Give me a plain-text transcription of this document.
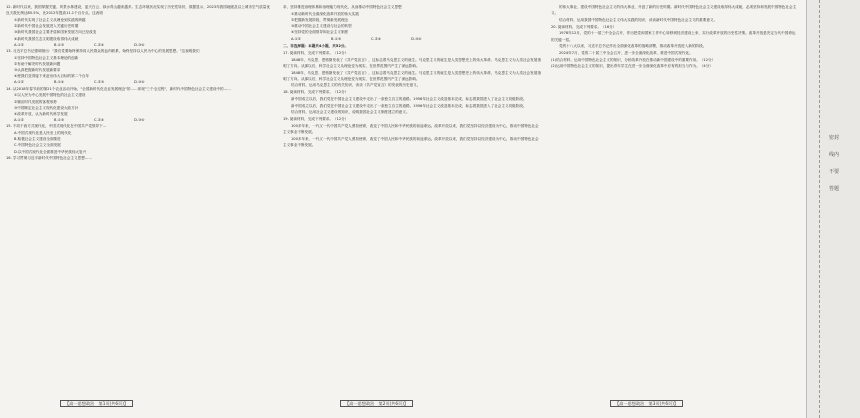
12. 新时代以来，我国掌握关键、风景水林建设，蓝天白云、绿水青山越来越多。生态环境状况实现了历史性转折，数据显示，2023年我国地级及以上城市空气质量优良天数比例达85.5%，比2012年提高11.1个百分点。这表明
①新时代实现了社会主义从理论到实践的跨越
②新时代中国社会发展进入关键历史时期
③新时代我国社会主要矛盾和国家发展方向已经改变
④新时代我国生态文明建设取得伟大成就
A.①②	B.①③	C.②④	D.③④
13. 习近平总书记强调指出："我们党要始终保持同人民群众的血肉联系，始终坚持以人民为中心的发展思想。"这表明我们
①坚持中国特色社会主义基本理论的创新
②有助于解决时代发展新问题
③认真把握新时代发展新要求
④使我们变得接下来赶出伟大目标的第二个百年
A.①②	B.①④	C.②③	D.③④
14. 从2018年春节前的第21个农业活动开始，"全国新时代化农业发展理念"的……体现"三个全过程"，新时代中国特色社会主义建设中的……
①以人民为中心发展中国特色的社会主义建设
②顺应时代发展的客观形势
③中国制定社会主义现代化建设大政方针
④改革开放，认为新时代科学发展
A.①②	B.①③	C.②④	D.③④
15. 不同于西方式现代化，中国式现代化在中国共产党领导下…
A.中国式现代化是人民至上的现代化
B.积极社会主义建设全面推进
C.中国特色社会主义全面发展
D.以中国式现代化全面推进中华民族伟大复兴
16. 学习贯彻习近平新时代中国特色社会主义思想……
求、坚持推进治理体系和治理能力现代化，从而推动中国特色社会主义思想
①推动新时代全面深化改革开放的伟大实践
②把握新发展阶段，贯彻新发展理念
③推动中国社会主义建设与社会的转型
④坚持党的全面领导和社会主义制度
A.①②	B.①③	C.②④	D.③④
二、非选择题：本题共4小题，共52分。
17. 阅读材料，完成下列要求。（12分）
1848年，马克思、恩格斯发表了《共产党宣言》，这标志着马克思主义的诞生。马克思主义的诞生是人类思想史上的伟大革命，马克思主义为人类社会发展指明了方向。从那以后，科学社会主义从理论变为现实，在世界范围内产生了深远影响。
1848年，马克思、恩格斯发表了《共产党宣言》，这标志着马克思主义的诞生。马克思主义的诞生是人类思想史上的伟大革命，马克思主义为人类社会发展指明了方向。从那以后，科学社会主义从理论变为现实，在世界范围内产生了深远影响。
结合材料，运用马克思主义的有关知识，谈谈《共产党宣言》的发表的历史意义。
18. 阅读材料，完成下列要求。（12分）
新中国成立以后，我们党在中国社会主义建设中走出了一条独立自主的道路。1956年社会主义改造基本完成，标志着我国进入了社会主义初级阶段。
新中国成立以后，我们党在中国社会主义建设中走出了一条独立自主的道路。1956年社会主义改造基本完成，标志着我国进入了社会主义初级阶段。
结合材料，运用社会主义建设的知识，说明我国社会主义制度建立的意义。
19. 阅读材料，完成下列要求。（12分）
100多年来，一代又一代中国共产党人勇担使命，改变了中国人民和中华民族的前途命运。改革开放以来，我们党坚持以经济建设为中心，推动中国特色社会主义事业不断发展。
100多年来，一代又一代中国共产党人勇担使命，改变了中国人民和中华民族的前途命运。改革开放以来，我们党坚持以经济建设为中心，推动中国特色社会主义事业不断发展。
的伟大事业，建设中国特色社会主义的伟大事业，开创了新的历史时期。新时代中国特色社会主义建设取得伟大成就，必须坚持和发展中国特色社会主义。
结合材料，运用我国中国特色社会主义伟大实践的知识，谈谈新时代中国特色社会主义的重要意义。
20. 阅读材料，完成下列要求。（16分）
1978年12月，党的十一届三中全会召开，作出把党和国家工作中心转移到经济建设上来、实行改革开放的历史性决策。改革开放是决定当代中国命运的关键一招。
党的十八大以来，习近平总书记作出全面深化改革的战略部署，推动改革开放进入新的阶段。
2024年7月，党的二十届三中全会召开，进一步全面深化改革，推进中国式现代化。
(1)结合材料，运用中国特色社会主义的知识，分析改革开放在推动新中国建设中的重要作用。（12分）
(2)运用中国特色社会主义的知识，提出青年学生在进一步全面深化改革中应有的担当与作为。（4分）
【高一思想政治　第1页(共6页)】	【高一思想政治　第2页(共6页)】	【高一思想政治　第3页(共6页)】
密封线内不要答题
